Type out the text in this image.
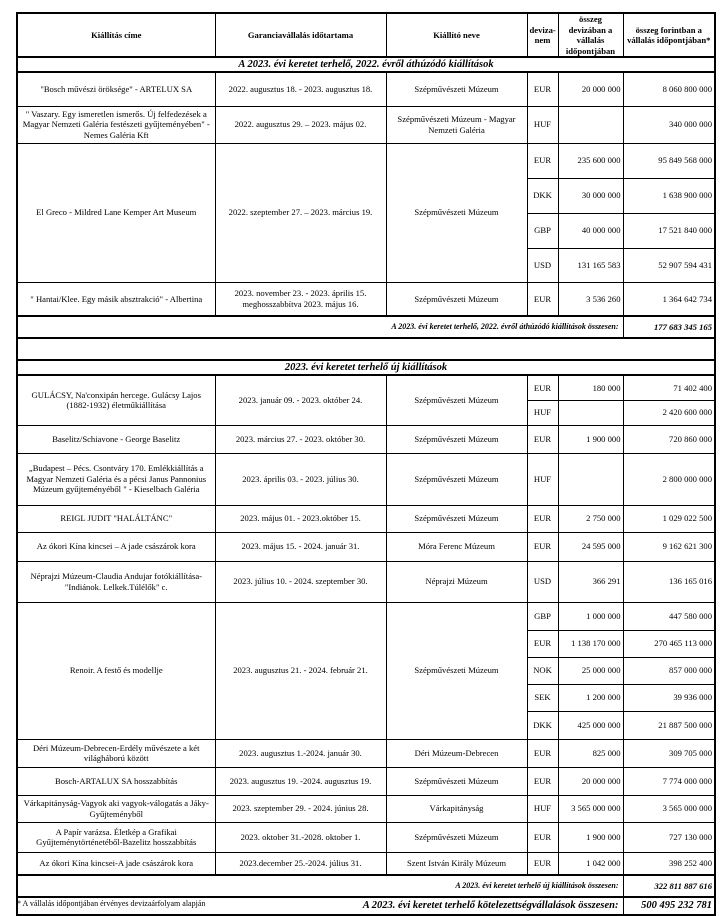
Kiállítás címe	Garanciavállalás időtartama	Kiállító neve	deviza-nem	összeg devizában a vállalás időpontjában	összeg forintban a vállalás időpontjában*
A 2023. évi keretet terhelő, 2022. évről áthúzódó kiállítások					
"Bosch művészi öröksége" - ARTELUX SA	2022. augusztus 18. - 2023. augusztus 18.	Szépművészeti Múzeum	EUR	20 000 000	8 060 800 000
" Vaszary. Egy ismeretlen ismerős. Új felfedezések a Magyar Nemzeti Galéria festészeti gyűjteményében" - Nemes Galéria Kft	2022. augusztus 29. – 2023. május 02.	Szépművészeti Múzeum - Magyar Nemzeti Galéria	HUF		340 000 000
El Greco - Mildred Lane Kemper Art Museum	2022. szeptember 27. – 2023. március 19.	Szépművészeti Múzeum	EUR	235 600 000	95 849 568 000
			DKK	30 000 000	1 638 900 000
			GBP	40 000 000	17 521 840 000
			USD	131 165 583	52 907 594 431
" Hantai/Klee. Egy másik absztrakció" - Albertina	2023. november 23. - 2023. április 15. meghosszabbítva 2023. május 16.	Szépművészeti Múzeum	EUR	3 536 260	1 364 642 734
A 2023. évi keretet terhelő, 2022. évről áthúzódó kiállítások összesen:					177 683 345 165

2023. évi keretet terhelő új kiállítások					
GULÁCSY, Na'conxipán hercege. Gulácsy Lajos (1882-1932) életműkiállítása	2023. január 09. - 2023. október 24.	Szépművészeti Múzeum	EUR	180 000	71 402 400
			HUF		2 420 600 000
Baselitz/Schiavone - George Baselitz	2023. március 27. - 2023. október 30.	Szépművészeti Múzeum	EUR	1 900 000	720 860 000
„Budapest – Pécs. Csontváry 170. Emlékkiállítás a Magyar Nemzeti Galéria és a pécsi Janus Pannonius Múzeum gyűjteményéből " - Kieselbach Galéria	2023. április 03. - 2023. július 30.	Szépművészeti Múzeum	HUF		2 800 000 000
REIGL JUDIT "HALÁLTÁNC"	2023. május 01. - 2023.október 15.	Szépművészeti Múzeum	EUR	2 750 000	1 029 022 500
Az ókori Kína kincsei – A jade császárok kora	2023. május 15. - 2024. január 31.	Móra Ferenc Múzeum	EUR	24 595 000	9 162 621 300
Néprajzi Múzeum-Claudia Andujar fotókiállítása-"Indiánok. Lelkek.Túlélők" c.	2023. július 10. - 2024. szeptember 30.	Néprajzi Múzeum	USD	366 291	136 165 016
Renoir. A festő és modellje	2023. augusztus 21. - 2024. február 21.	Szépművészeti Múzeum	GBP	1 000 000	447 580 000
			EUR	1 138 170 000	270 465 113 000
			NOK	25 000 000	857 000 000
			SEK	1 200 000	39 936 000
			DKK	425 000 000	21 887 500 000
Déri Múzeum-Debrecen-Erdély művészete a két világháború között	2023. augusztus 1.-2024. január 30.	Déri Múzeum-Debrecen	EUR	825 000	309 705 000
Bosch-ARTALUX SA hosszabbítás	2023. augusztus 19. -2024. augusztus 19.	Szépművészeti Múzeum	EUR	20 000 000	7 774 000 000
Várkapitányság-Vagyok aki vagyok-válogatás a Jáky-Gyűjteményből	2023. szeptember 29. - 2024. június 28.	Várkapitányság	HUF	3 565 000 000	3 565 000 000
A Papír varázsa. Életkép a Grafikai Gyűjteménytörténetéből-Bazelitz hosszabbítás	2023. oktober 31.-2028. oktober 1.	Szépművészeti Múzeum	EUR	1 900 000	727 130 000
Az ókori Kína kincsei-A jade császárok kora	2023.december 25.-2024. július 31.	Szent István Király Múzeum	EUR	1 042 000	398 252 400
A 2023. évi keretet terhelő új kiállítások összesen:					322 811 887 616
A 2023. évi keretet terhelő kötelezettségvállalások összesen:					500 495 232 781
* A vállalás időpontjában érvényes devizaárfolyam alapján
